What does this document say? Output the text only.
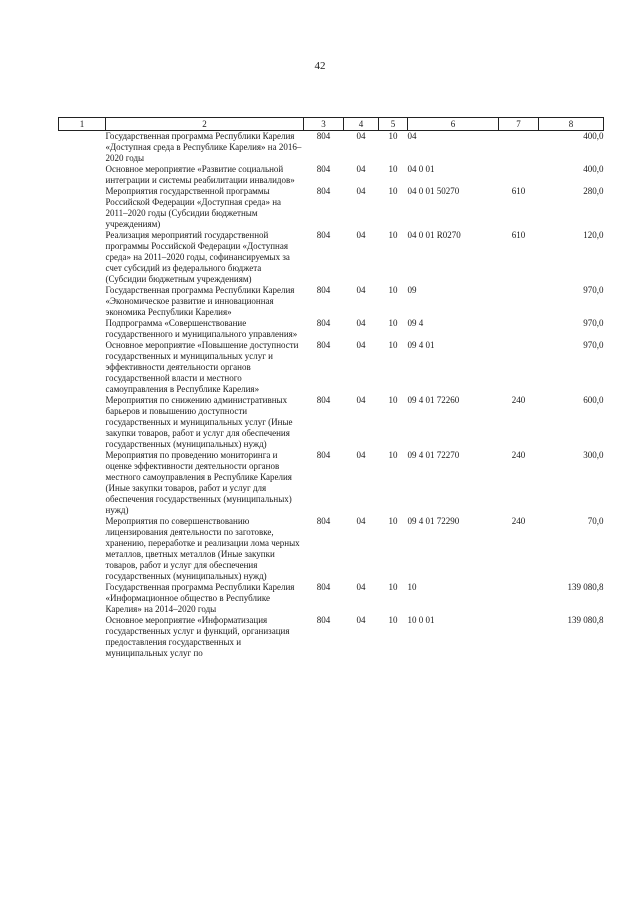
42
1	2	3	4	5	6	7	8
	Государственная программа Республики Карелия «Доступная среда в Республике Карелия» на 2016–2020 годы	804	04	10	04		400,0
	Основное мероприятие «Развитие социальной интеграции и системы реабилитации инвалидов»	804	04	10	04 0 01		400,0
	Мероприятия государственной программы Российской Федерации «Доступная среда» на 2011–2020 годы (Субсидии бюджетным учреждениям)	804	04	10	04 0 01 50270	610	280,0
	Реализация мероприятий государственной программы Российской Федерации «Доступная среда» на 2011–2020 годы, софинансируемых за счет субсидий из федерального бюджета (Субсидии бюджетным учреждениям)	804	04	10	04 0 01 R0270	610	120,0
	Государственная программа Республики Карелия «Экономическое развитие и инновационная экономика Республики Карелия»	804	04	10	09		970,0
	Подпрограмма «Совершенствование государственного и муниципального управления»	804	04	10	09 4		970,0
	Основное мероприятие «Повышение доступности государственных и муниципальных услуг и эффективности деятельности органов государственной власти и местного самоуправления в Республике Карелия»	804	04	10	09 4 01		970,0
	Мероприятия по снижению административных барьеров и повышению доступности государственных и муниципальных услуг (Иные закупки товаров, работ и услуг для обеспечения государственных (муниципальных) нужд)	804	04	10	09 4 01 72260	240	600,0
	Мероприятия по проведению мониторинга и оценке эффективности деятельности органов местного самоуправления в Республике Карелия (Иные закупки товаров, работ и услуг для обеспечения государственных (муниципальных) нужд)	804	04	10	09 4 01 72270	240	300,0
	Мероприятия по совершенствованию лицензирования деятельности по заготовке, хранению, переработке и реализации лома черных металлов, цветных металлов (Иные закупки товаров, работ и услуг для обеспечения государственных (муниципальных) нужд)	804	04	10	09 4 01 72290	240	70,0
	Государственная программа Республики Карелия «Информационное общество в Республике Карелия» на 2014–2020 годы	804	04	10	10		139 080,8
	Основное мероприятие «Информатизация государственных услуг и функций, организация предоставления государственных и муниципальных услуг по	804	04	10	10 0 01		139 080,8
